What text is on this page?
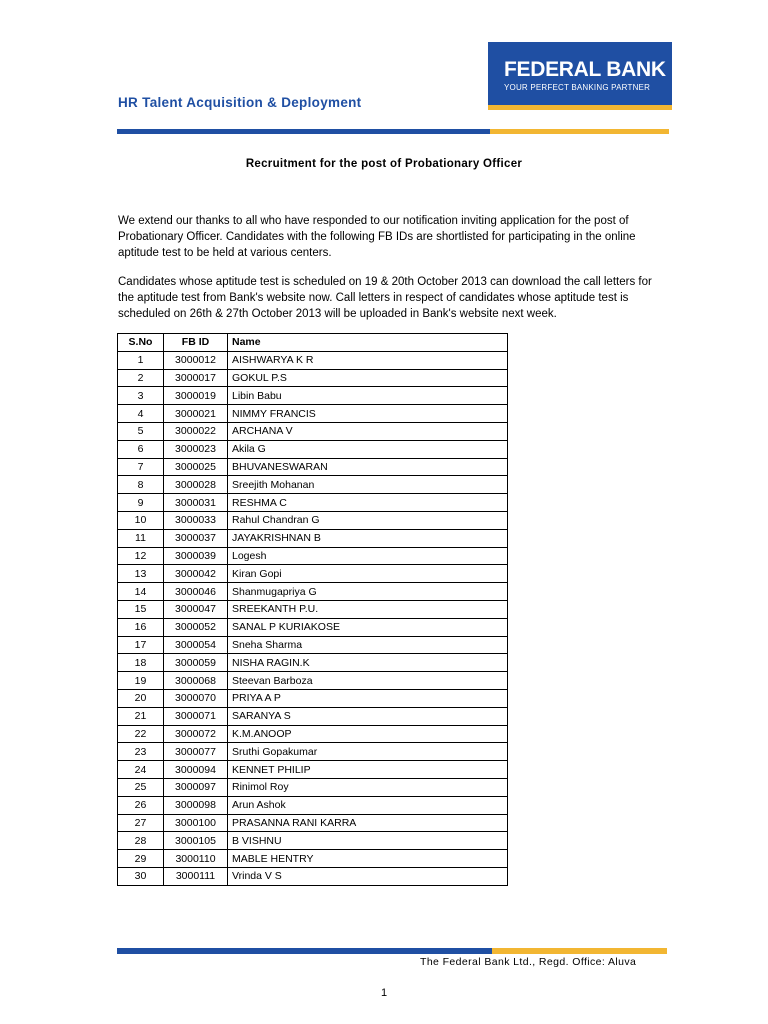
FEDERAL BANK
YOUR PERFECT BANKING PARTNER
HR Talent Acquisition & Deployment
Recruitment for the post of Probationary Officer
We extend our thanks to all who have responded to our notification inviting application for the post of Probationary Officer. Candidates with the following FB IDs are shortlisted for participating in the online aptitude test to be held at various centers.
Candidates whose aptitude test is scheduled on 19 & 20th October 2013 can download the call letters for the aptitude test from Bank's website now. Call letters in respect of candidates whose aptitude test is scheduled on 26th & 27th October 2013 will be uploaded in Bank's website next week.
S.No	FB ID	Name
1	3000012	AISHWARYA K R
2	3000017	GOKUL P.S
3	3000019	Libin Babu
4	3000021	NIMMY FRANCIS
5	3000022	ARCHANA V
6	3000023	Akila G
7	3000025	BHUVANESWARAN
8	3000028	Sreejith Mohanan
9	3000031	RESHMA C
10	3000033	Rahul Chandran G
11	3000037	JAYAKRISHNAN B
12	3000039	Logesh
13	3000042	Kiran Gopi
14	3000046	Shanmugapriya G
15	3000047	SREEKANTH P.U.
16	3000052	SANAL P KURIAKOSE
17	3000054	Sneha Sharma
18	3000059	NISHA RAGIN.K
19	3000068	Steevan Barboza
20	3000070	PRIYA A P
21	3000071	SARANYA S
22	3000072	K.M.ANOOP
23	3000077	Sruthi Gopakumar
24	3000094	KENNET PHILIP
25	3000097	Rinimol Roy
26	3000098	Arun Ashok
27	3000100	PRASANNA RANI KARRA
28	3000105	B VISHNU
29	3000110	MABLE HENTRY
30	3000111	Vrinda V S
The Federal Bank Ltd., Regd. Office: Aluva
1
